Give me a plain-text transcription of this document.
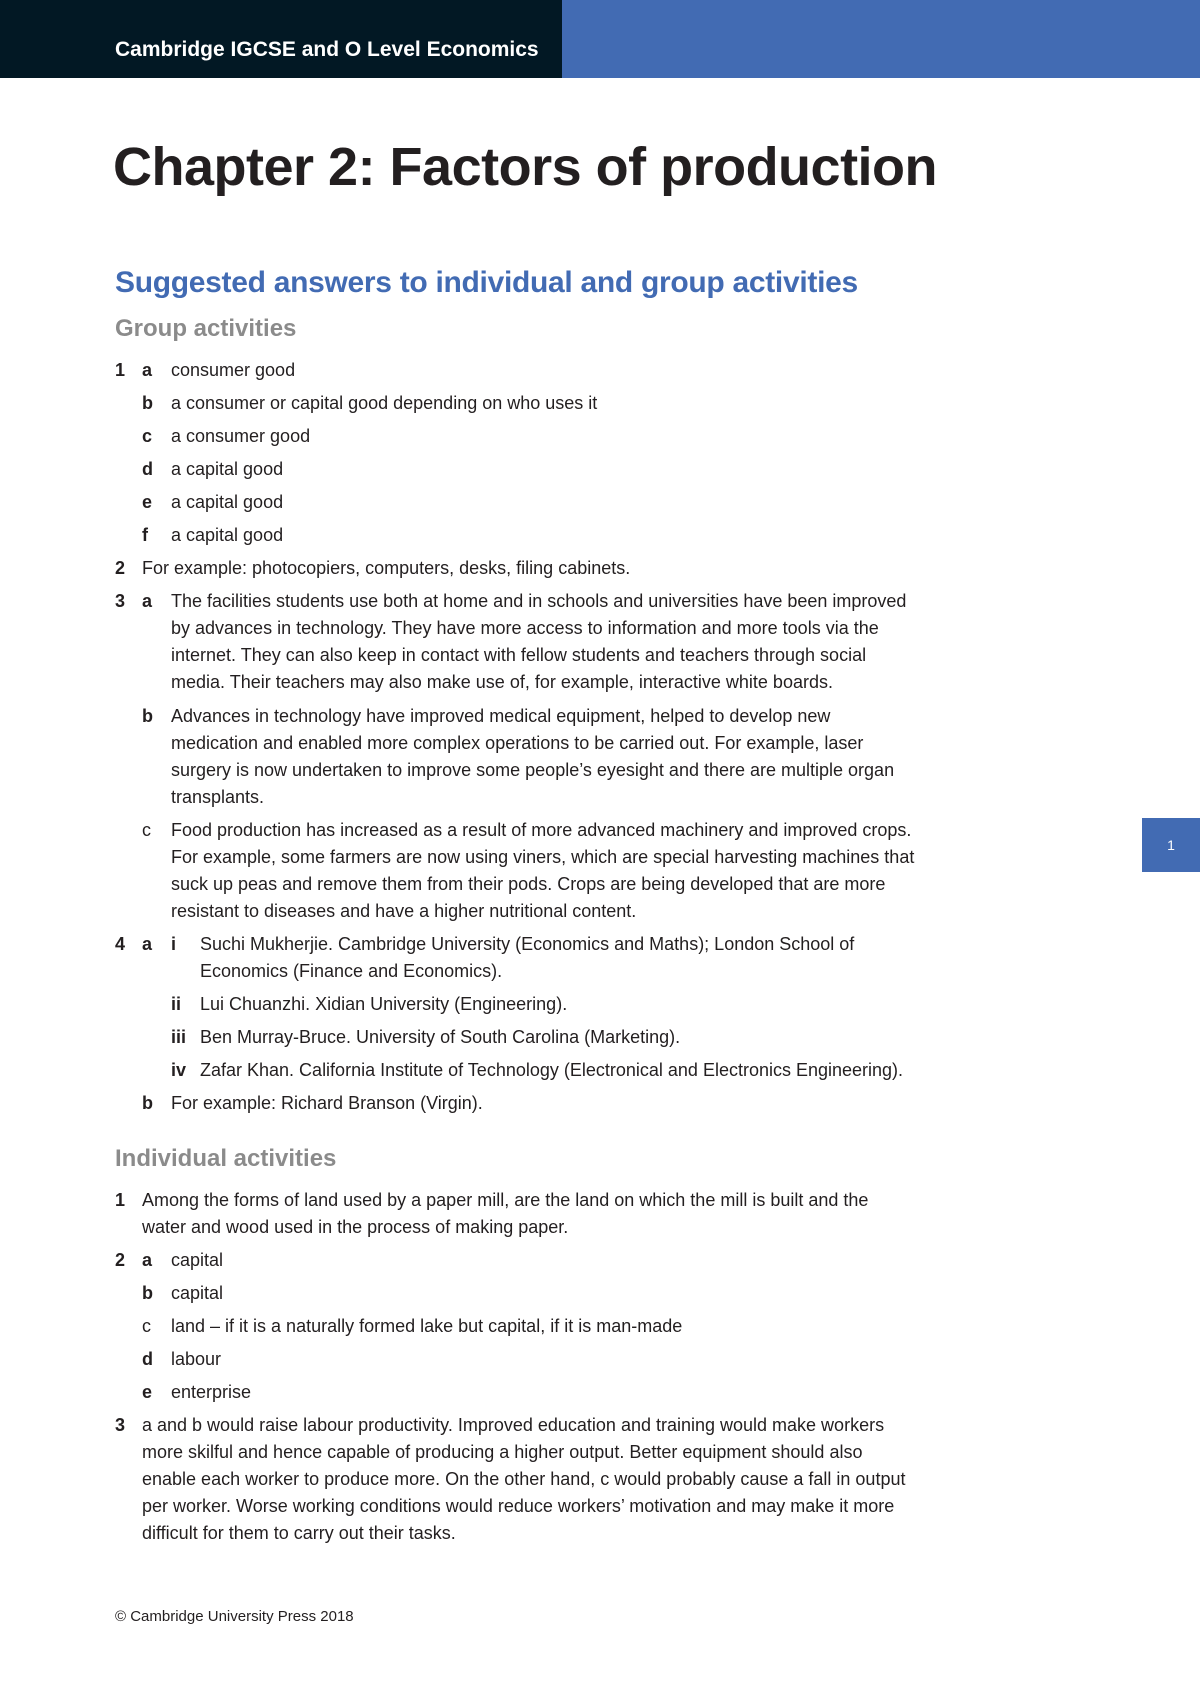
Cambridge IGCSE and O Level Economics
Chapter 2: Factors of production
Suggested answers to individual and group activities
Group activities
1 a consumer good
b a consumer or capital good depending on who uses it
c a consumer good
d a capital good
e a capital good
f a capital good
2 For example: photocopiers, computers, desks, filing cabinets.
3 a The facilities students use both at home and in schools and universities have been improved
by advances in technology. They have more access to information and more tools via the
internet. They can also keep in contact with fellow students and teachers through social
media. Their teachers may also make use of, for example, interactive white boards.
b Advances in technology have improved medical equipment, helped to develop new
medication and enabled more complex operations to be carried out. For example, laser
surgery is now undertaken to improve some people’s eyesight and there are multiple organ
transplants.
c Food production has increased as a result of more advanced machinery and improved crops.
For example, some farmers are now using viners, which are special harvesting machines that
suck up peas and remove them from their pods. Crops are being developed that are more
resistant to diseases and have a higher nutritional content.
4 a i Suchi Mukherjie. Cambridge University (Economics and Maths); London School of
Economics (Finance and Economics).
ii Lui Chuanzhi. Xidian University (Engineering).
iii Ben Murray-Bruce. University of South Carolina (Marketing).
iv Zafar Khan. California Institute of Technology (Electronical and Electronics Engineering).
b For example: Richard Branson (Virgin).
Individual activities
1 Among the forms of land used by a paper mill, are the land on which the mill is built and the
water and wood used in the process of making paper.
2 a capital
b capital
c land – if it is a naturally formed lake but capital, if it is man-made
d labour
e enterprise
3 a and b would raise labour productivity. Improved education and training would make workers
more skilful and hence capable of producing a higher output. Better equipment should also
enable each worker to produce more. On the other hand, c would probably cause a fall in output
per worker. Worse working conditions would reduce workers’ motivation and may make it more
difficult for them to carry out their tasks.
1
© Cambridge University Press 2018
